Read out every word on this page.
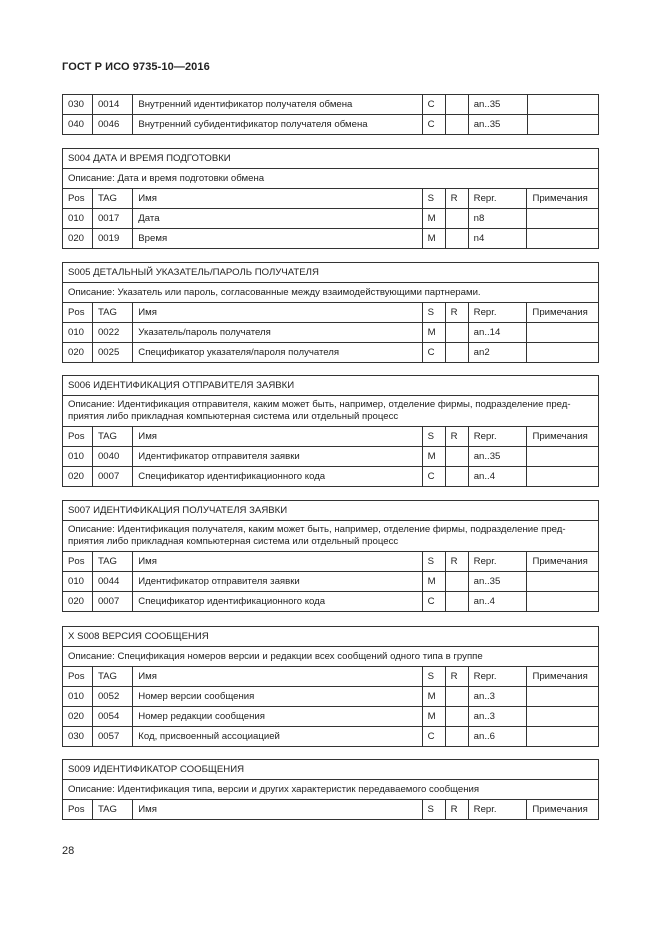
ГОСТ Р ИСО 9735-10—2016
030	0014	Внутренний идентификатор получателя обмена	C		an..35	
040	0046	Внутренний субидентификатор получателя обмена	C		an..35	
S004 ДАТА И ВРЕМЯ ПОДГОТОВКИ						
Описание: Дата и время подготовки обмена						
Pos	TAG	Имя	S	R	Repr.	Примечания
010	0017	Дата	M		n8	
020	0019	Время	M		n4	
S005 ДЕТАЛЬНЫЙ УКАЗАТЕЛЬ/ПАРОЛЬ ПОЛУЧАТЕЛЯ						
Описание: Указатель или пароль, согласованные между взаимодействующими партнерами.						
Pos	TAG	Имя	S	R	Repr.	Примечания
010	0022	Указатель/пароль получателя	M		an..14	
020	0025	Спецификатор указателя/пароля получателя	C		an2	
S006 ИДЕНТИФИКАЦИЯ ОТПРАВИТЕЛЯ ЗАЯВКИ						

Описание: Идентификация отправителя, каким может быть, например, отделение фирмы, подразделение пред-
приятия либо прикладная компьютерная система или отдельный процесс						

Pos	TAG	Имя	S	R	Repr.	Примечания
010	0040	Идентификатор отправителя заявки	M		an..35	
020	0007	Спецификатор идентификационного кода	C		an..4	
S007 ИДЕНТИФИКАЦИЯ ПОЛУЧАТЕЛЯ ЗАЯВКИ						

Описание: Идентификация получателя, каким может быть, например, отделение фирмы, подразделение пред-
приятия либо прикладная компьютерная система или отдельный процесс						

Pos	TAG	Имя	S	R	Repr.	Примечания
010	0044	Идентификатор отправителя заявки	M		an..35	
020	0007	Спецификатор идентификационного кода	C		an..4	
X S008 ВЕРСИЯ СООБЩЕНИЯ						
Описание: Спецификация номеров версии и редакции всех сообщений одного типа в группе						
Pos	TAG	Имя	S	R	Repr.	Примечания
010	0052	Номер версии сообщения	M		an..3	
020	0054	Номер редакции сообщения	M		an..3	
030	0057	Код, присвоенный ассоциацией	C		an..6	
S009 ИДЕНТИФИКАТОР СООБЩЕНИЯ
Описание: Идентификация типа, версии и других характеристик передаваемого сообщения
Pos	TAG	Имя	S	R	Repr.	Примечания
28
